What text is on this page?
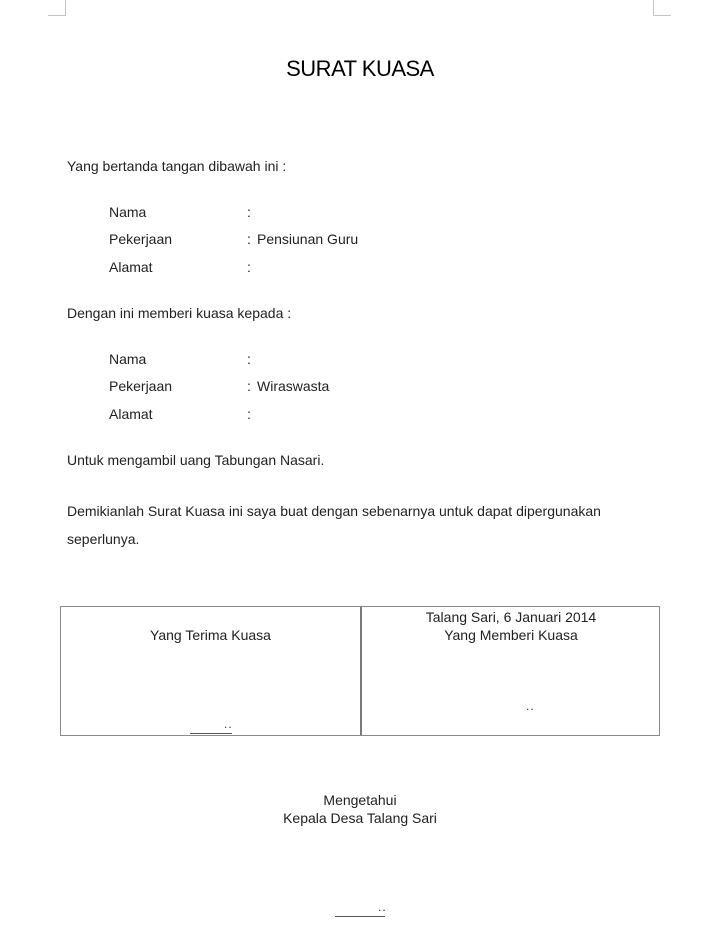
SURAT KUASA
Yang bertanda tangan dibawah ini :
Nama	:
Pekerjaan	: Pensiunan Guru
Alamat	:
Dengan ini memberi kuasa kepada :
Nama	:
Pekerjaan	: Wiraswasta
Alamat	:
Untuk mengambil uang Tabungan Nasari.
Demikianlah Surat Kuasa ini saya buat dengan sebenarnya untuk dapat dipergunakan seperlunya.
Yang Terima Kuasa
..
Talang Sari, 6 Januari 2014
Yang Memberi Kuasa
..
Mengetahui
Kepala Desa Talang Sari
..
